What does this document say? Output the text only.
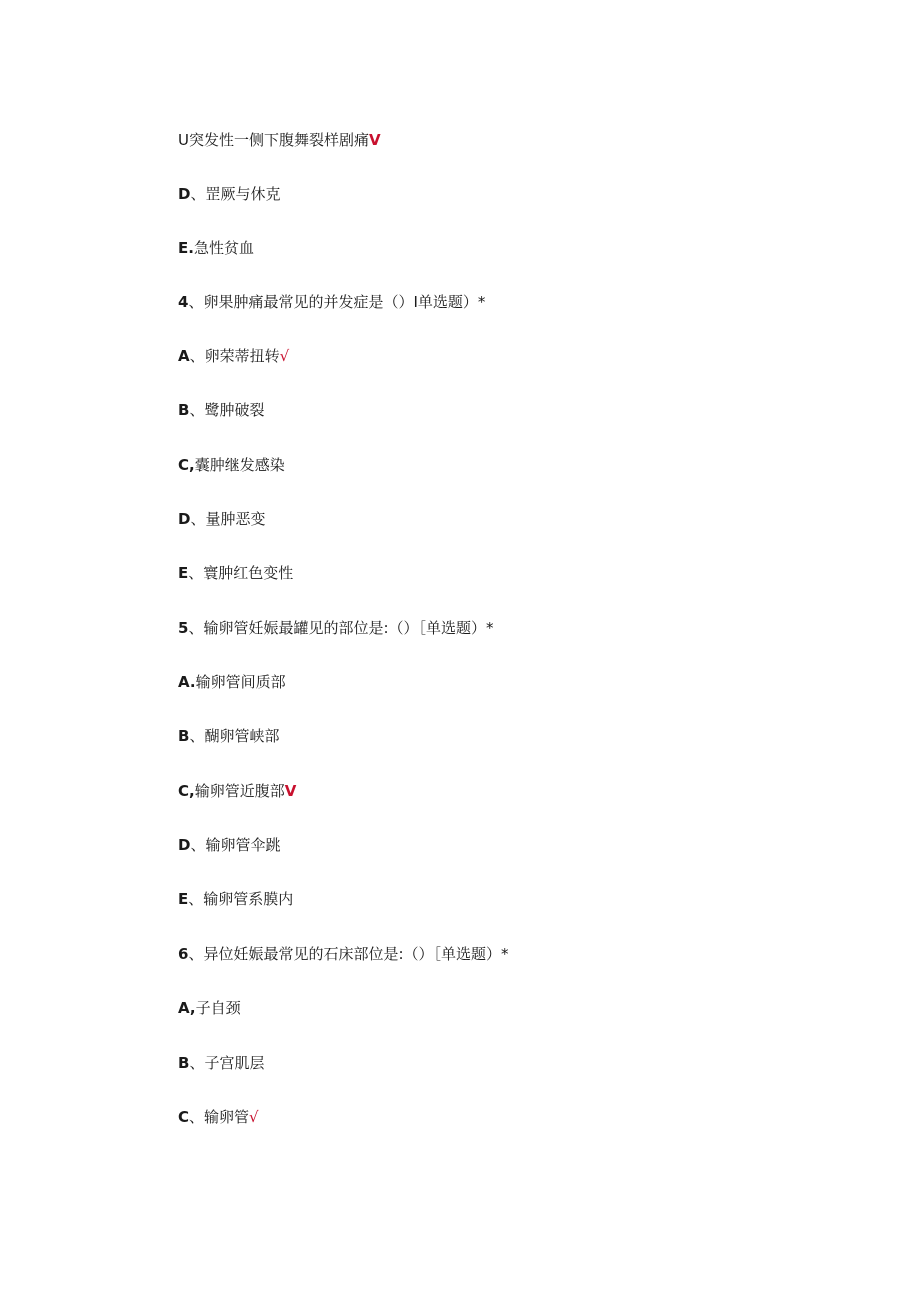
U突发性一侧下腹舞裂样剧痛V
D、罡厥与休克
E.急性贫血
4、卵果肿痛最常见的并发症是（）I单选题）*
A、卵荣蒂扭转√
B、鹭肿破裂
C,囊肿继发感染
D、量肿恶变
E、寰肿红色变性
5、输卵管妊娠最罐见的部位是:（）［单选题）*
A.输卵管间质部
B、醐卵管峡部
C,输卵管近腹部V
D、输卵管伞跳
E、输卵管系膜内
6、异位妊娠最常见的石床部位是:（）［单选题）*
A,子自颈
B、子宫肌层
C、输卵管√
